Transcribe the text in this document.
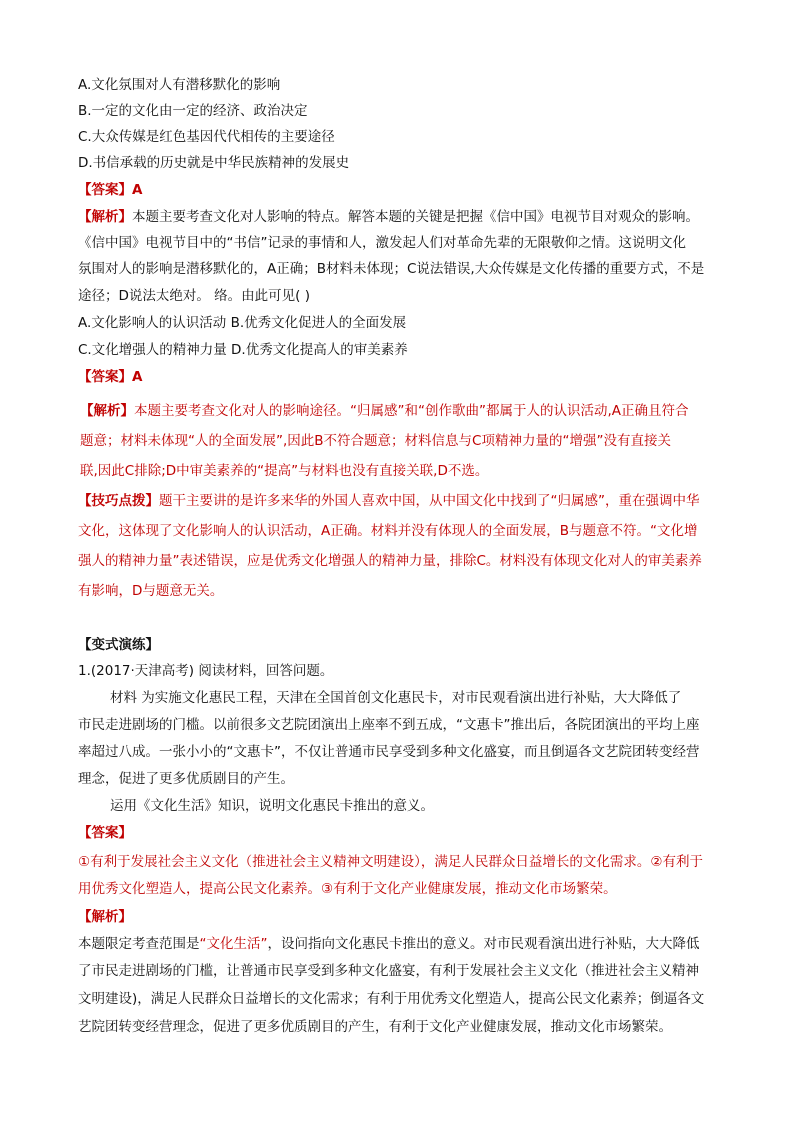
A.文化氛围对人有潜移默化的影响
B.一定的文化由一定的经济、政治决定
C.大众传媒是红色基因代代相传的主要途径
D.书信承载的历史就是中华民族精神的发展史
【答案】A
【解析】本题主要考查文化对人影响的特点。解答本题的关键是把握《信中国》电视节目对观众的影响。
《信中国》电视节目中的“书信”记录的事情和人，激发起人们对革命先辈的无限敬仰之情。这说明文化
氛围对人的影响是潜移默化的，A正确；B材料未体现；C说法错误,大众传媒是文化传播的重要方式，不是
途径；D说法太绝对。 络。由此可见( )
A.文化影响人的认识活动 B.优秀文化促进人的全面发展
C.文化增强人的精神力量 D.优秀文化提高人的审美素养
【答案】A
【解析】本题主要考查文化对人的影响途径。“归属感”和“创作歌曲”都属于人的认识活动,A正确且符合
题意；材料未体现“人的全面发展”,因此B不符合题意；材料信息与C项精神力量的“增强”没有直接关
联,因此C排除;D中审美素养的“提高”与材料也没有直接关联,D不选。
【技巧点拨】题干主要讲的是许多来华的外国人喜欢中国，从中国文化中找到了“归属感”，重在强调中华
文化，这体现了文化影响人的认识活动，A正确。材料并没有体现人的全面发展，B与题意不符。“文化增
强人的精神力量”表述错误，应是优秀文化增强人的精神力量，排除C。材料没有体现文化对人的审美素养
有影响，D与题意无关。
【变式演练】
1.(2017·天津高考) 阅读材料，回答问题。
材料 为实施文化惠民工程，天津在全国首创文化惠民卡，对市民观看演出进行补贴，大大降低了
市民走进剧场的门槛。以前很多文艺院团演出上座率不到五成，“文惠卡”推出后，各院团演出的平均上座
率超过八成。一张小小的“文惠卡”，不仅让普通市民享受到多种文化盛宴，而且倒逼各文艺院团转变经营
理念，促进了更多优质剧目的产生。
运用《文化生活》知识，说明文化惠民卡推出的意义。
【答案】
①有利于发展社会主义文化（推进社会主义精神文明建设），满足人民群众日益增长的文化需求。②有利于
用优秀文化塑造人，提高公民文化素养。③有利于文化产业健康发展，推动文化市场繁荣。
【解析】
本题限定考查范围是“文化生活”，设问指向文化惠民卡推出的意义。对市民观看演出进行补贴，大大降低
了市民走进剧场的门槛，让普通市民享受到多种文化盛宴，有利于发展社会主义文化（推进社会主义精神
文明建设)，满足人民群众日益增长的文化需求；有利于用优秀文化塑造人，提高公民文化素养；倒逼各文
艺院团转变经营理念，促进了更多优质剧目的产生，有利于文化产业健康发展，推动文化市场繁荣。
